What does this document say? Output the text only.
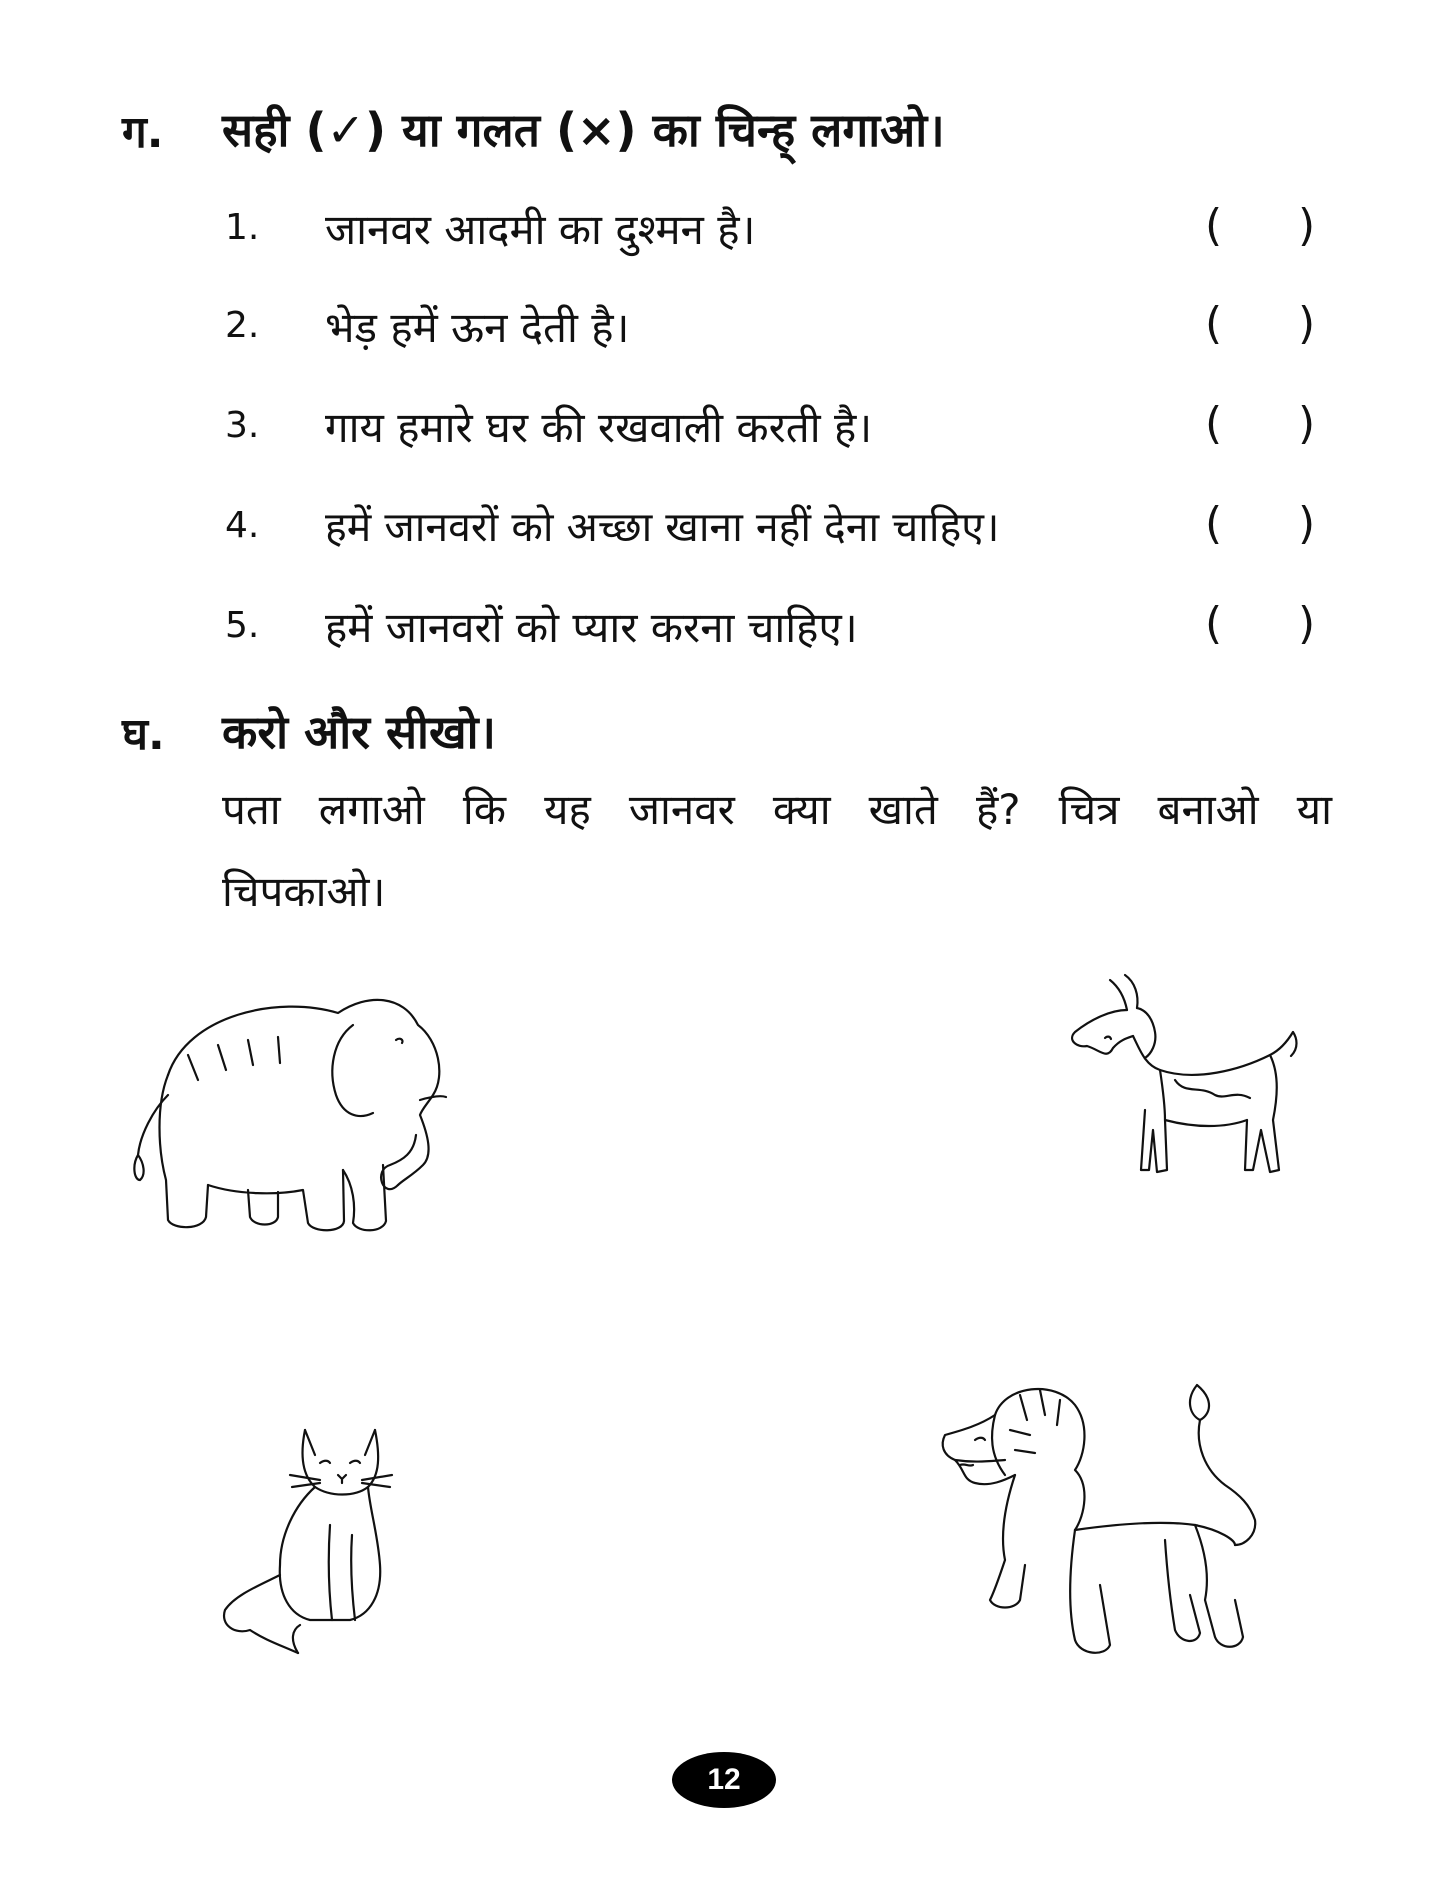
ग. सही (✓) या गलत (×) का चिन्ह् लगाओ।
1. जानवर आदमी का दुश्मन है।	( )
2. भेड़ हमें ऊन देती है।	( )
3. गाय हमारे घर की रखवाली करती है।	( )
4. हमें जानवरों को अच्छा खाना नहीं देना चाहिए।	( )
5. हमें जानवरों को प्यार करना चाहिए।	( )
घ. करो और सीखो।
पता लगाओ कि यह जानवर क्या खाते हैं? चित्र बनाओ या
चिपकाओ।
12
